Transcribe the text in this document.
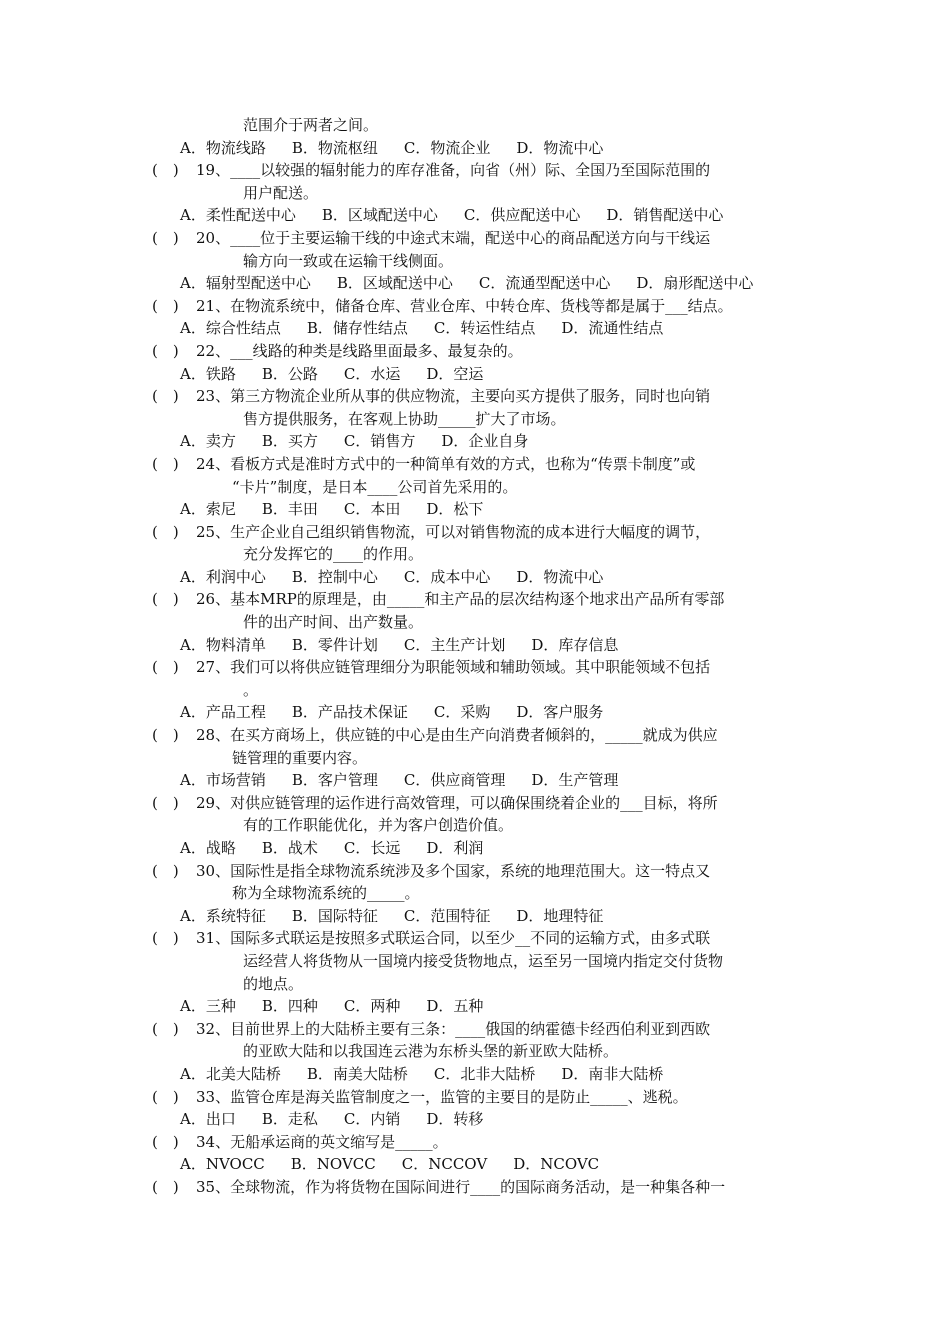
范围介于两者之间。
A．物流线路 B．物流枢纽 C．物流企业 D．物流中心
(　) 19、____以较强的辐射能力的库存准备，向省（州）际、全国乃至国际范围的
用户配送。
A．柔性配送中心 B．区域配送中心 C．供应配送中心 D．销售配送中心
(　) 20、____位于主要运输干线的中途式末端，配送中心的商品配送方向与干线运
输方向一致或在运输干线侧面。
A．辐射型配送中心 B．区域配送中心 C．流通型配送中心 D．扇形配送中心
(　) 21、在物流系统中，储备仓库、营业仓库、中转仓库、货栈等都是属于___结点。
A．综合性结点 B．储存性结点 C．转运性结点 D．流通性结点
(　) 22、___线路的种类是线路里面最多、最复杂的。
A．铁路 B．公路 C．水运 D．空运
(　) 23、第三方物流企业所从事的供应物流，主要向买方提供了服务，同时也向销
售方提供服务，在客观上协助_____扩大了市场。
A．卖方 B．买方 C．销售方 D．企业自身
(　) 24、看板方式是准时方式中的一种简单有效的方式，也称为“传票卡制度”或
“卡片”制度，是日本____公司首先采用的。
A．索尼 B．丰田 C．本田 D．松下
(　) 25、生产企业自己组织销售物流，可以对销售物流的成本进行大幅度的调节，
充分发挥它的____的作用。
A．利润中心 B．控制中心 C．成本中心 D．物流中心
(　) 26、基本MRP的原理是，由_____和主产品的层次结构逐个地求出产品所有零部
件的出产时间、出产数量。
A．物料清单 B．零件计划 C．主生产计划 D．库存信息
(　) 27、我们可以将供应链管理细分为职能领域和辅助领域。其中职能领域不包括
。
A．产品工程 B．产品技术保证 C．采购 D．客户服务
(　) 28、在买方商场上，供应链的中心是由生产向消费者倾斜的，_____就成为供应
链管理的重要内容。
A．市场营销 B．客户管理 C．供应商管理 D．生产管理
(　) 29、对供应链管理的运作进行高效管理，可以确保围绕着企业的___目标，将所
有的工作职能优化，并为客户创造价值。
A．战略 B．战术 C．长远 D．利润
(　) 30、国际性是指全球物流系统涉及多个国家，系统的地理范围大。这一特点又
称为全球物流系统的_____。
A．系统特征 B．国际特征 C．范围特征 D．地理特征
(　) 31、国际多式联运是按照多式联运合同，以至少__不同的运输方式，由多式联
运经营人将货物从一国境内接受货物地点，运至另一国境内指定交付货物
的地点。
A．三种 B．四种 C．两种 D．五种
(　) 32、目前世界上的大陆桥主要有三条：____俄国的纳霍德卡经西伯利亚到西欧
的亚欧大陆和以我国连云港为东桥头堡的新亚欧大陆桥。
A．北美大陆桥 B．南美大陆桥 C．北非大陆桥 D．南非大陆桥
(　) 33、监管仓库是海关监管制度之一，监管的主要目的是防止_____、逃税。
A．出口 B．走私 C．内销 D．转移
(　) 34、无船承运商的英文缩写是_____。
A．NVOCC B．NOVCC C．NCCOV D．NCOVC
(　) 35、全球物流，作为将货物在国际间进行____的国际商务活动，是一种集各种一
